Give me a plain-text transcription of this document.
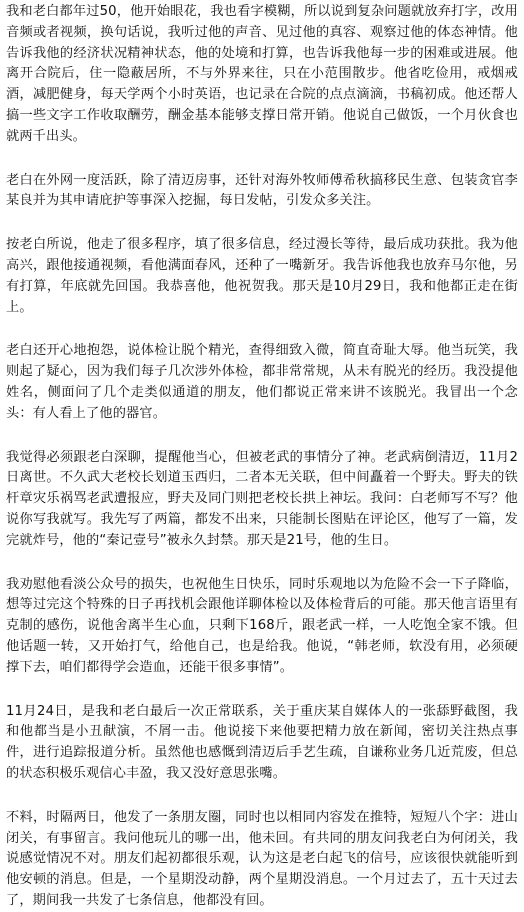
我和老白都年过50，他开始眼花，我也看字模糊，所以说到复杂问题就放弃打字，改用音频或者视频，换句话说，我听过他的声音、见过他的真容、观察过他的体态神情。他告诉我他的经济状况精神状态，他的处境和打算，也告诉我他每一步的困难或进展。他离开合院后，住一隐蔽居所，不与外界来往，只在小范围散步。他省吃俭用，戒烟戒酒，减肥健身，每天学两个小时英语，也记录在合院的点点滴滴，书稿初成。他还帮人搞一些文字工作收取酬劳，酬金基本能够支撑日常开销。他说自己做饭，一个月伙食也就两千出头。

老白在外网一度活跃，除了清迈房事，还针对海外牧师傅希秋搞移民生意、包装贪官李某良并为其申请庇护等事深入挖掘，每日发帖，引发众多关注。

按老白所说，他走了很多程序，填了很多信息，经过漫长等待，最后成功获批。我为他高兴，跟他接通视频，看他满面春风，还种了一嘴新牙。我告诉他我也放弃马尔他，另有打算，年底就先回国。我恭喜他，他祝贺我。那天是10月29日，我和他都正走在街上。

老白还开心地抱怨，说体检让脱个精光，查得细致入微，简直奇耻大辱。他当玩笑，我则起了疑心，因为我们每子几次涉外体检，都非常常规，从未有脱光的经历。我没提他姓名，侧面问了几个走类似通道的朋友，他们都说正常来讲不该脱光。我冒出一个念头：有人看上了他的器官。

我觉得必须跟老白深聊，提醒他当心，但被老武的事情分了神。老武病倒清迈，11月2日离世。不久武大老校长划道玉西归，二者本无关联，但中间矗着一个野夫。野夫的铁杆章灾乐祸骂老武遭报应，野夫及同门则把老校长拱上神坛。我问：白老师写不写？他说你写我就写。我先写了两篇，都发不出来，只能制长图贴在评论区，他写了一篇，发完就炸号，他的“秦记壹号”被永久封禁。那天是21号，他的生日。

我劝慰他看淡公众号的损失，也祝他生日快乐，同时乐观地以为危险不会一下子降临，想等过完这个特殊的日子再找机会跟他详聊体检以及体检背后的可能。那天他言语里有克制的感伤，说他舍离半生心血，只剩下168斤，跟老武一样，一人吃饱全家不饿。但他话题一转，又开始打气，给他自己，也是给我。他说，“韩老师，软没有用，必须硬撑下去，咱们都得学会造血，还能干很多事情”。

11月24日，是我和老白最后一次正常联系，关于重庆某自媒体人的一张舔野截图，我和他都当是小丑献演，不屑一击。他说接下来他要把精力放在新闻，密切关注热点事件，进行追踪报道分析。虽然他也感慨到清迈后手艺生疏，自谦称业务几近荒废，但总的状态积极乐观信心丰盈，我又没好意思张嘴。

不料，时隔两日，他发了一条朋友圈，同时也以相同内容发在推特，短短八个字：进山闭关，有事留言。我问他玩儿的哪一出，他未回。有共同的朋友问我老白为何闭关，我说感觉情况不对。朋友们起初都很乐观，认为这是老白起飞的信号，应该很快就能听到他安顿的消息。但是，一个星期没动静，两个星期没消息。一个月过去了，五十天过去了，期间我一共发了七条信息，他都没有回。
